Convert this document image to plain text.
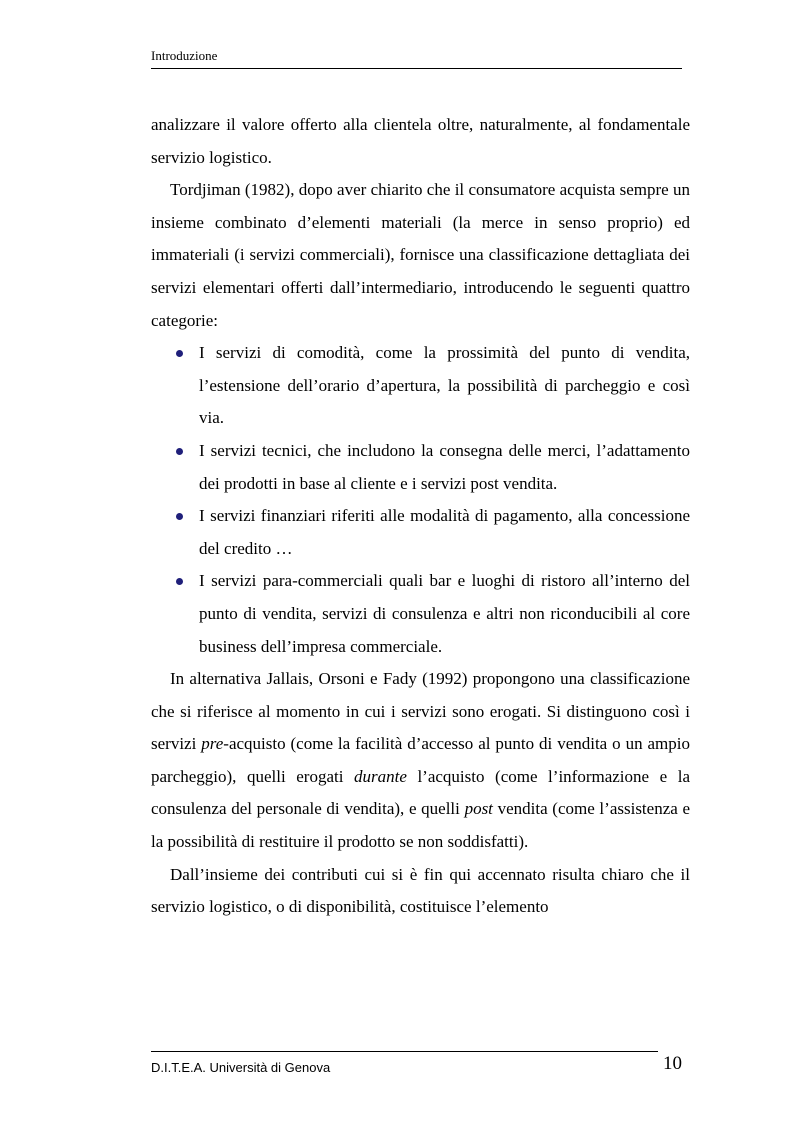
Introduzione

analizzare il valore offerto alla clientela oltre, naturalmente, al fondamentale servizio logistico.

Tordjiman (1982), dopo aver chiarito che il consumatore acquista sempre un insieme combinato d’elementi materiali (la merce in senso proprio) ed immateriali (i servizi commerciali), fornisce una classificazione dettagliata dei servizi elementari offerti dall’intermediario, introducendo le seguenti quattro categorie:

I servizi di comodità, come la prossimità del punto di vendita, l’estensione dell’orario d’apertura, la possibilità di parcheggio e così via.
I servizi tecnici, che includono la consegna delle merci, l’adattamento dei prodotti in base al cliente e i servizi post vendita.
I servizi finanziari riferiti alle modalità di pagamento, alla concessione del credito …
I servizi para-commerciali quali bar e luoghi di ristoro all’interno del punto di vendita, servizi di consulenza e altri non riconducibili al core business dell’impresa commerciale.

In alternativa Jallais, Orsoni e Fady (1992) propongono una classificazione che si riferisce al momento in cui i servizi sono erogati. Si distinguono così i servizi pre-acquisto (come la facilità d’accesso al punto di vendita o un ampio parcheggio), quelli erogati durante l’acquisto (come l’informazione e la consulenza del personale di vendita), e quelli post vendita (come l’assistenza e la possibilità di restituire il prodotto se non soddisfatti).

Dall’insieme dei contributi cui si è fin qui accennato risulta chiaro che il servizio logistico, o di disponibilità, costituisce l’elemento

D.I.T.E.A. Università di Genova	10
